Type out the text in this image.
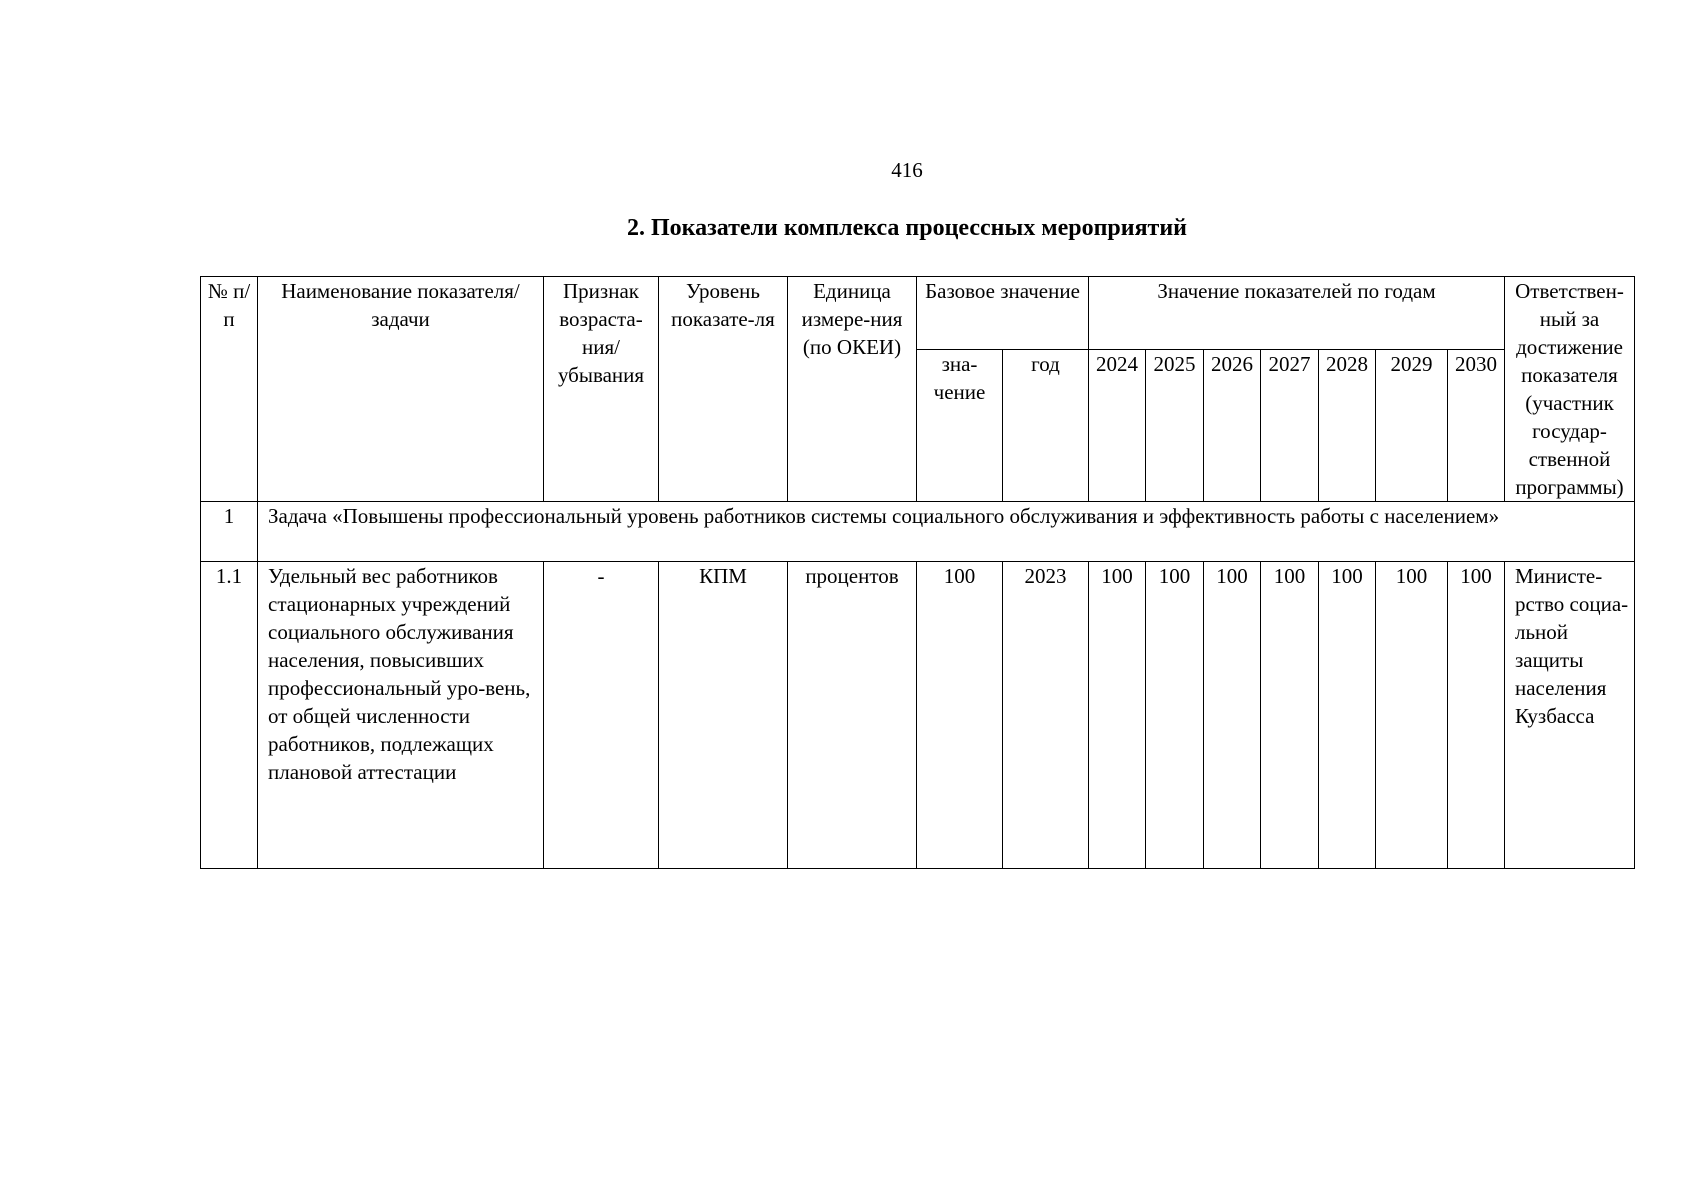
416
2. Показатели комплекса процессных мероприятий
№ п/п	Наименование показателя/задачи	Признак возраста-ния/ убывания	Уровень показате-ля	Единица измере-ния (по ОКЕИ)	Базовое значение		Значение показателей по годам							Ответствен-ный за достижение показателя (участник государ-ственной программы)
					зна-чение	год	2024	2025	2026	2027	2028	2029	2030	
1	Задача «Повышены профессиональный уровень работников системы социального обслуживания и эффективность работы с населением»													
1.1	Удельный вес работников стационарных учреждений социального обслуживания населения, повысивших профессиональный уро-вень, от общей численности работников, подлежащих плановой аттестации	-	КПМ	процентов	100	2023	100	100	100	100	100	100	100	Министе-рство социа-льной защиты населения Кузбасса
